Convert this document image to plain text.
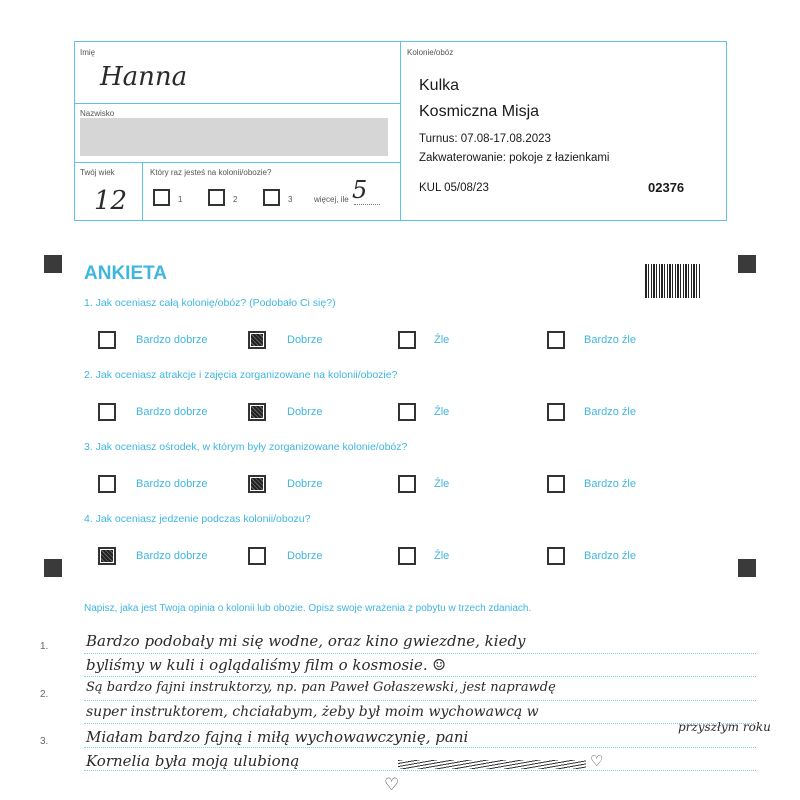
Imię
Hanna
Nazwisko
Twój wiek
12
Który raz jesteś na kolonii/obozie?
1	2	3	więcej, ile 5
Kolonie/obóz
Kulka
Kosmiczna Misja
Turnus: 07.08-17.08.2023
Zakwaterowanie: pokoje z łazienkami
KUL 05/08/23	02376
ANKIETA
1. Jak oceniasz całą kolonię/obóz? (Podobało Ci się?)
Bardzo dobrze	Dobrze	Źle	Bardzo źle
2. Jak oceniasz atrakcje i zajęcia zorganizowane na kolonii/obozie?
Bardzo dobrze	Dobrze	Źle	Bardzo źle
3. Jak oceniasz ośrodek, w którym były zorganizowane kolonie/obóz?
Bardzo dobrze	Dobrze	Źle	Bardzo źle
4. Jak oceniasz jedzenie podczas kolonii/obozu?
Bardzo dobrze	Dobrze	Źle	Bardzo źle
Napisz, jaka jest Twoja opinia o kolonii lub obozie. Opisz swoje wrażenia z pobytu w trzech zdaniach.
1.
2.
3.
Bardzo podobały mi się wodne, oraz kino gwiezdne, kiedy
byliśmy w kuli i oglądaliśmy film o kosmosie. ☺
Są bardzo fajni instruktorzy, np. pan Paweł Gołaszewski, jest naprawdę
super instruktorem, chciałabym, żeby był moim wychowawcą w
Miałam bardzo fajną i miłą wychowawczynię, pani
Kornelia była moją ulubioną	♡
♡
przyszłym roku
